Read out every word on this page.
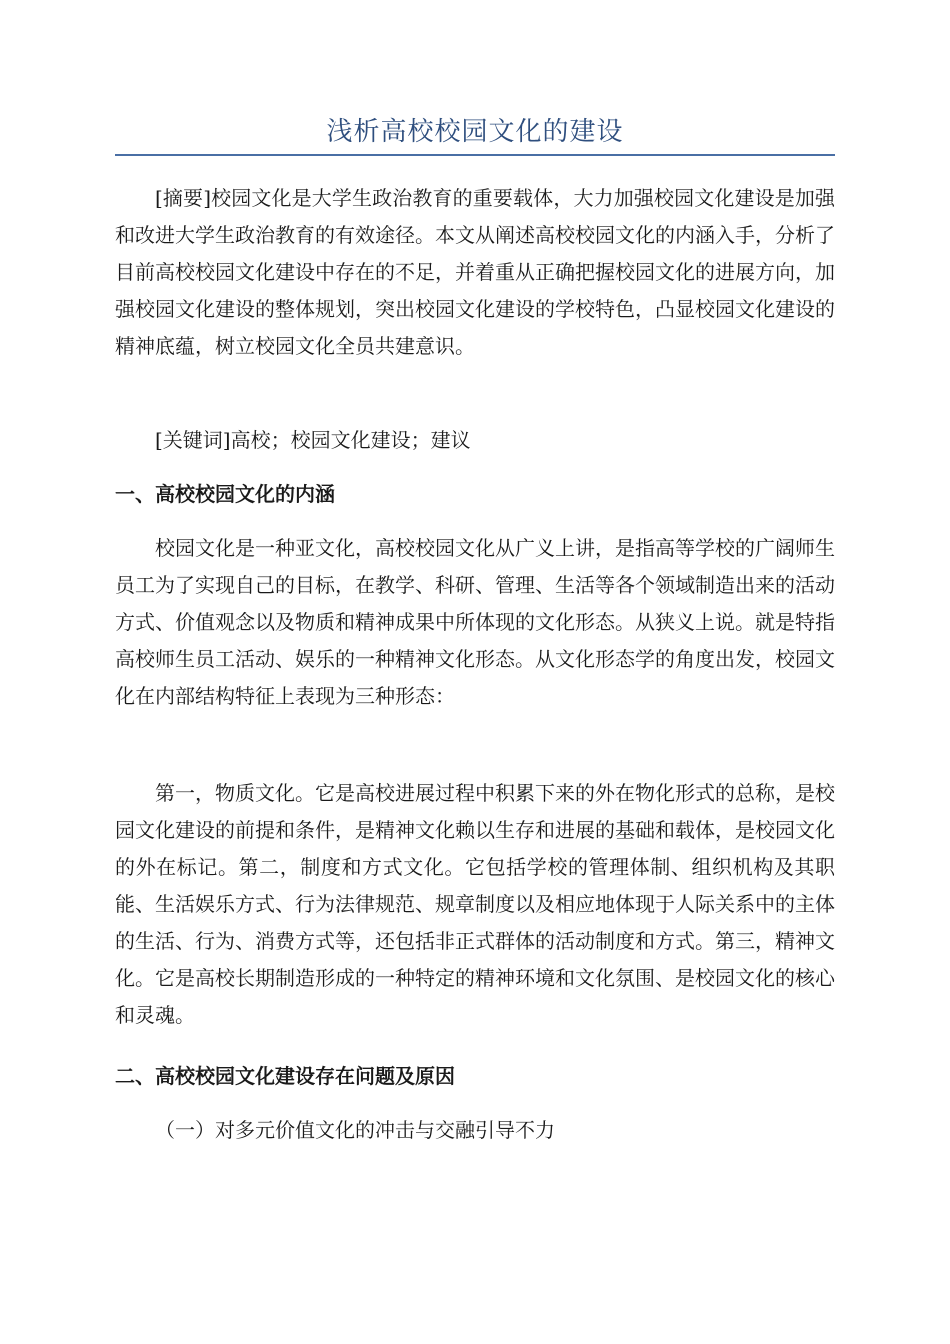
浅析高校校园文化的建设

[摘要]校园文化是大学生政治教育的重要载体，大力加强校园文化建设是加强和改进大学生政治教育的有效途径。本文从阐述高校校园文化的内涵入手，分析了目前高校校园文化建设中存在的不足，并着重从正确把握校园文化的进展方向，加强校园文化建设的整体规划，突出校园文化建设的学校特色，凸显校园文化建设的精神底蕴，树立校园文化全员共建意识。

[关键词]高校；校园文化建设；建议

一、高校校园文化的内涵

校园文化是一种亚文化，高校校园文化从广义上讲，是指高等学校的广阔师生员工为了实现自己的目标，在教学、科研、管理、生活等各个领域制造出来的活动方式、价值观念以及物质和精神成果中所体现的文化形态。从狭义上说。就是特指高校师生员工活动、娱乐的一种精神文化形态。从文化形态学的角度出发，校园文化在内部结构特征上表现为三种形态：

第一，物质文化。它是高校进展过程中积累下来的外在物化形式的总称，是校园文化建设的前提和条件，是精神文化赖以生存和进展的基础和载体，是校园文化的外在标记。第二，制度和方式文化。它包括学校的管理体制、组织机构及其职能、生活娱乐方式、行为法律规范、规章制度以及相应地体现于人际关系中的主体的生活、行为、消费方式等，还包括非正式群体的活动制度和方式。第三，精神文化。它是高校长期制造形成的一种特定的精神环境和文化氛围、是校园文化的核心和灵魂。

二、高校校园文化建设存在问题及原因

（一）对多元价值文化的冲击与交融引导不力
